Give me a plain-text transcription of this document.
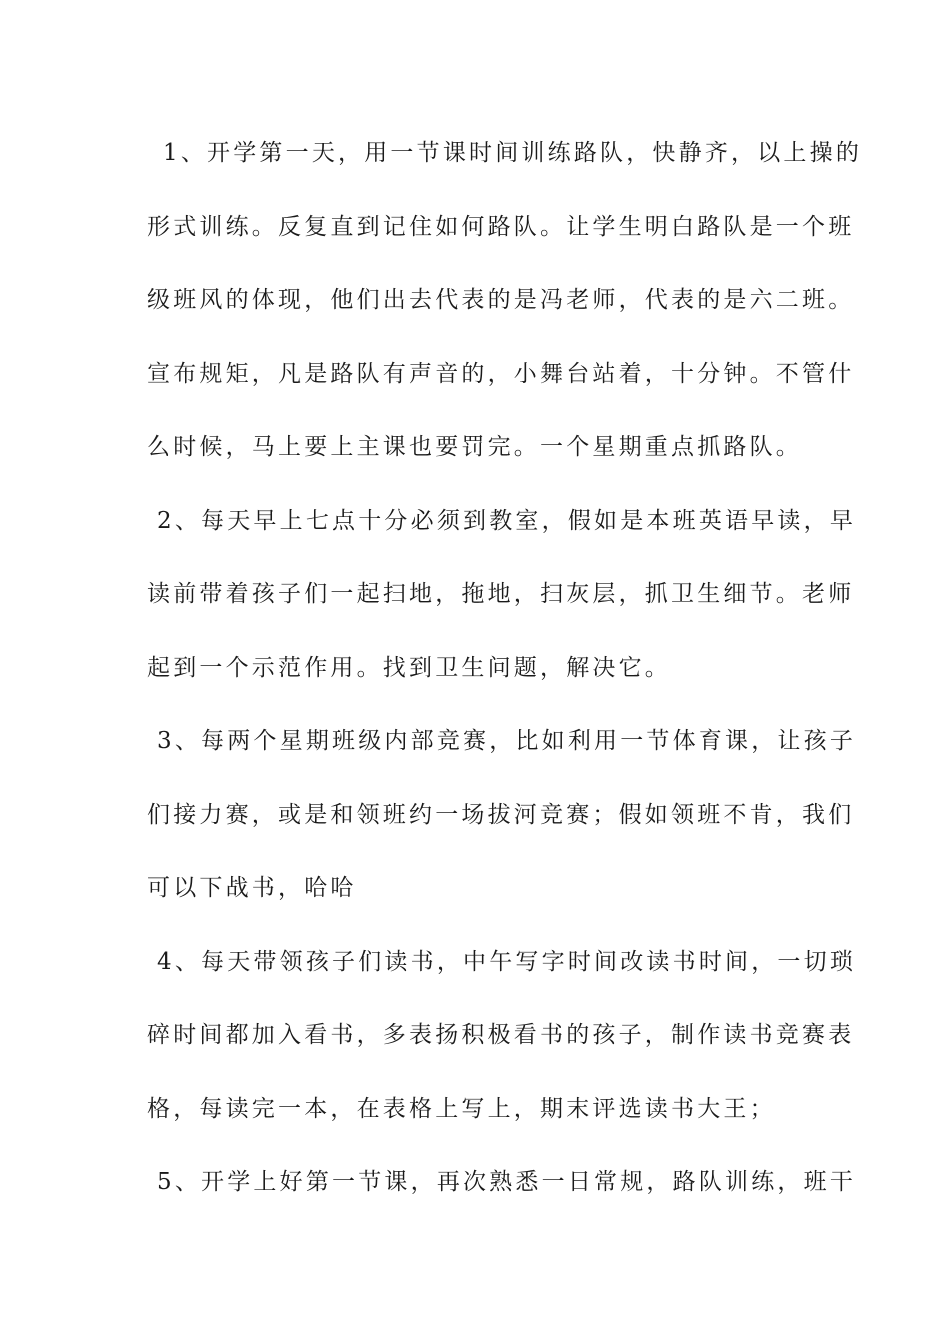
1、开学第一天，用一节课时间训练路队，快静齐，以上操的
形式训练。反复直到记住如何路队。让学生明白路队是一个班
级班风的体现，他们出去代表的是冯老师，代表的是六二班。
宣布规矩，凡是路队有声音的，小舞台站着，十分钟。不管什
么时候，马上要上主课也要罚完。一个星期重点抓路队。
2、每天早上七点十分必须到教室，假如是本班英语早读，早
读前带着孩子们一起扫地，拖地，扫灰层，抓卫生细节。老师
起到一个示范作用。找到卫生问题，解决它。
3、每两个星期班级内部竞赛，比如利用一节体育课，让孩子
们接力赛，或是和领班约一场拔河竞赛；假如领班不肯，我们
可以下战书，哈哈
4、每天带领孩子们读书，中午写字时间改读书时间，一切琐
碎时间都加入看书，多表扬积极看书的孩子，制作读书竞赛表
格，每读完一本，在表格上写上，期末评选读书大王；
5、开学上好第一节课，再次熟悉一日常规，路队训练，班干
